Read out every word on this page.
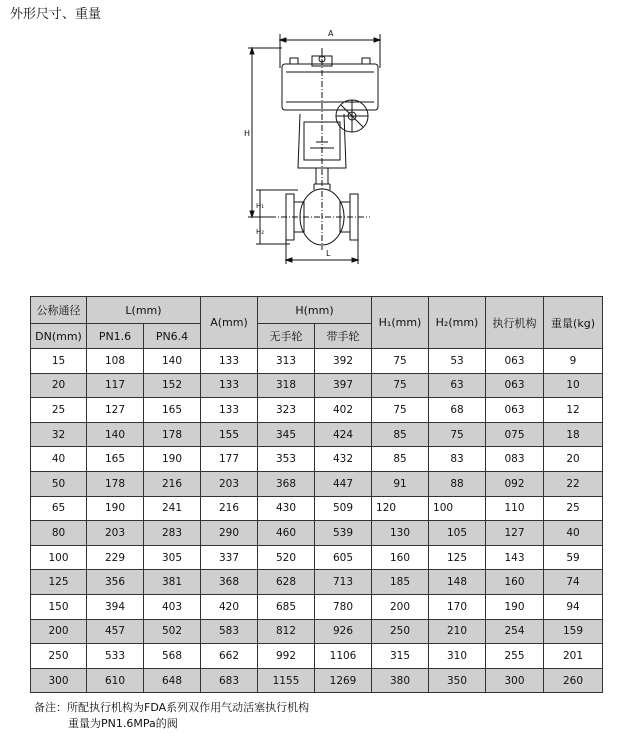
外形尺寸、重量
A
H
H₁
H₂
L
公称通径	L(mm)		A(mm)	H(mm)		H₁(mm)	H₂(mm)	执行机构	重量(kg)
DN(mm)	PN1.6	PN6.4		无手轮	带手轮				
15	108	140	133	313	392	75	53	063	9
20	117	152	133	318	397	75	63	063	10
25	127	165	133	323	402	75	68	063	12
32	140	178	155	345	424	85	75	075	18
40	165	190	177	353	432	85	83	083	20
50	178	216	203	368	447	91	88	092	22
65	190	241	216	430	509	120	100	110	25
80	203	283	290	460	539	130	105	127	40
100	229	305	337	520	605	160	125	143	59
125	356	381	368	628	713	185	148	160	74
150	394	403	420	685	780	200	170	190	94
200	457	502	583	812	926	250	210	254	159
250	533	568	662	992	1106	315	310	255	201
300	610	648	683	1155	1269	380	350	300	260
备注：所配执行机构为FDA系列双作用气动活塞执行机构
重量为PN1.6MPa的阀
